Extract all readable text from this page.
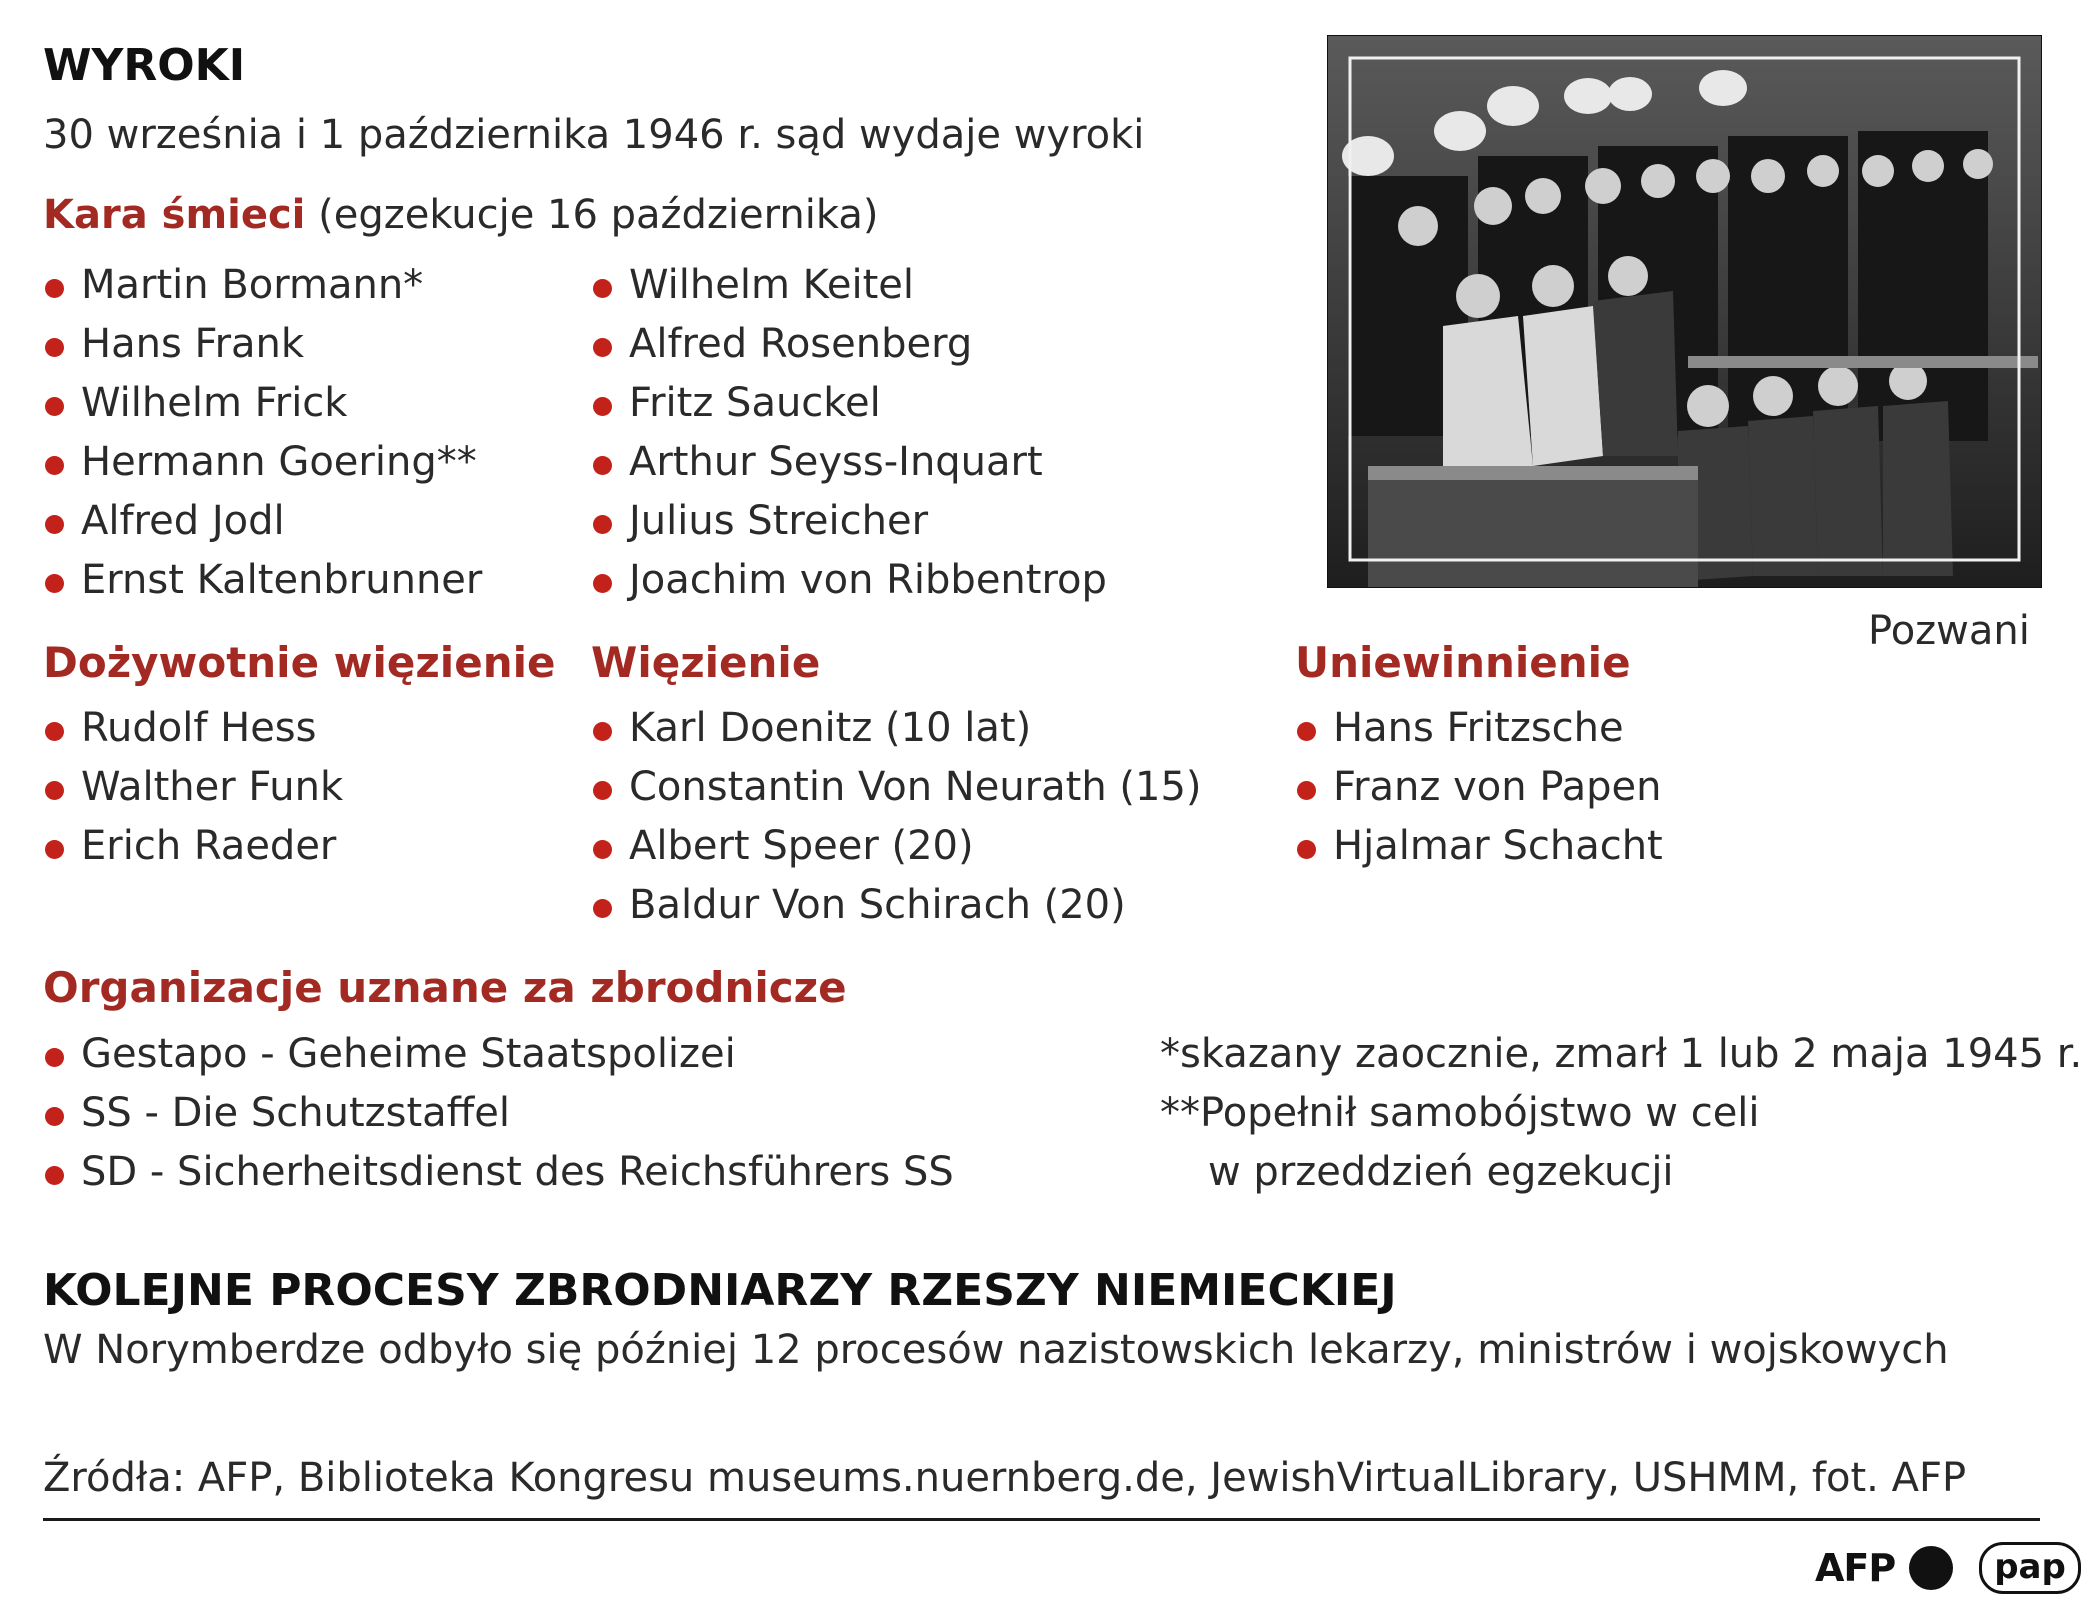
WYROKI
30 września i 1 października 1946 r. sąd wydaje wyroki
Kara śmieci (egzekucje 16 października)
Martin Bormann*
Hans Frank
Wilhelm Frick
Hermann Goering**
Alfred Jodl
Ernst Kaltenbrunner
Wilhelm Keitel
Alfred Rosenberg
Fritz Sauckel
Arthur Seyss-Inquart
Julius Streicher
Joachim von Ribbentrop
Pozwani
Dożywotnie więzienie
Rudolf Hess
Walther Funk
Erich Raeder
Więzienie
Karl Doenitz (10 lat)
Constantin Von Neurath (15)
Albert Speer (20)
Baldur Von Schirach (20)
Uniewinnienie
Hans Fritzsche
Franz von Papen
Hjalmar Schacht
Organizacje uznane za zbrodnicze
Gestapo - Geheime Staatspolizei
SS - Die Schutzstaffel
SD - Sicherheitsdienst des Reichsführers SS
*skazany zaocznie, zmarł 1 lub 2 maja 1945 r.
**Popełnił samobójstwo w celi
w przeddzień egzekucji
KOLEJNE PROCESY ZBRODNIARZY RZESZY NIEMIECKIEJ
W Norymberdze odbyło się później 12 procesów nazistowskich lekarzy, ministrów i wojskowych
Źródła: AFP, Biblioteka Kongresu museums.nuernberg.de, JewishVirtualLibrary, USHMM, fot. AFP
AFP	pap
